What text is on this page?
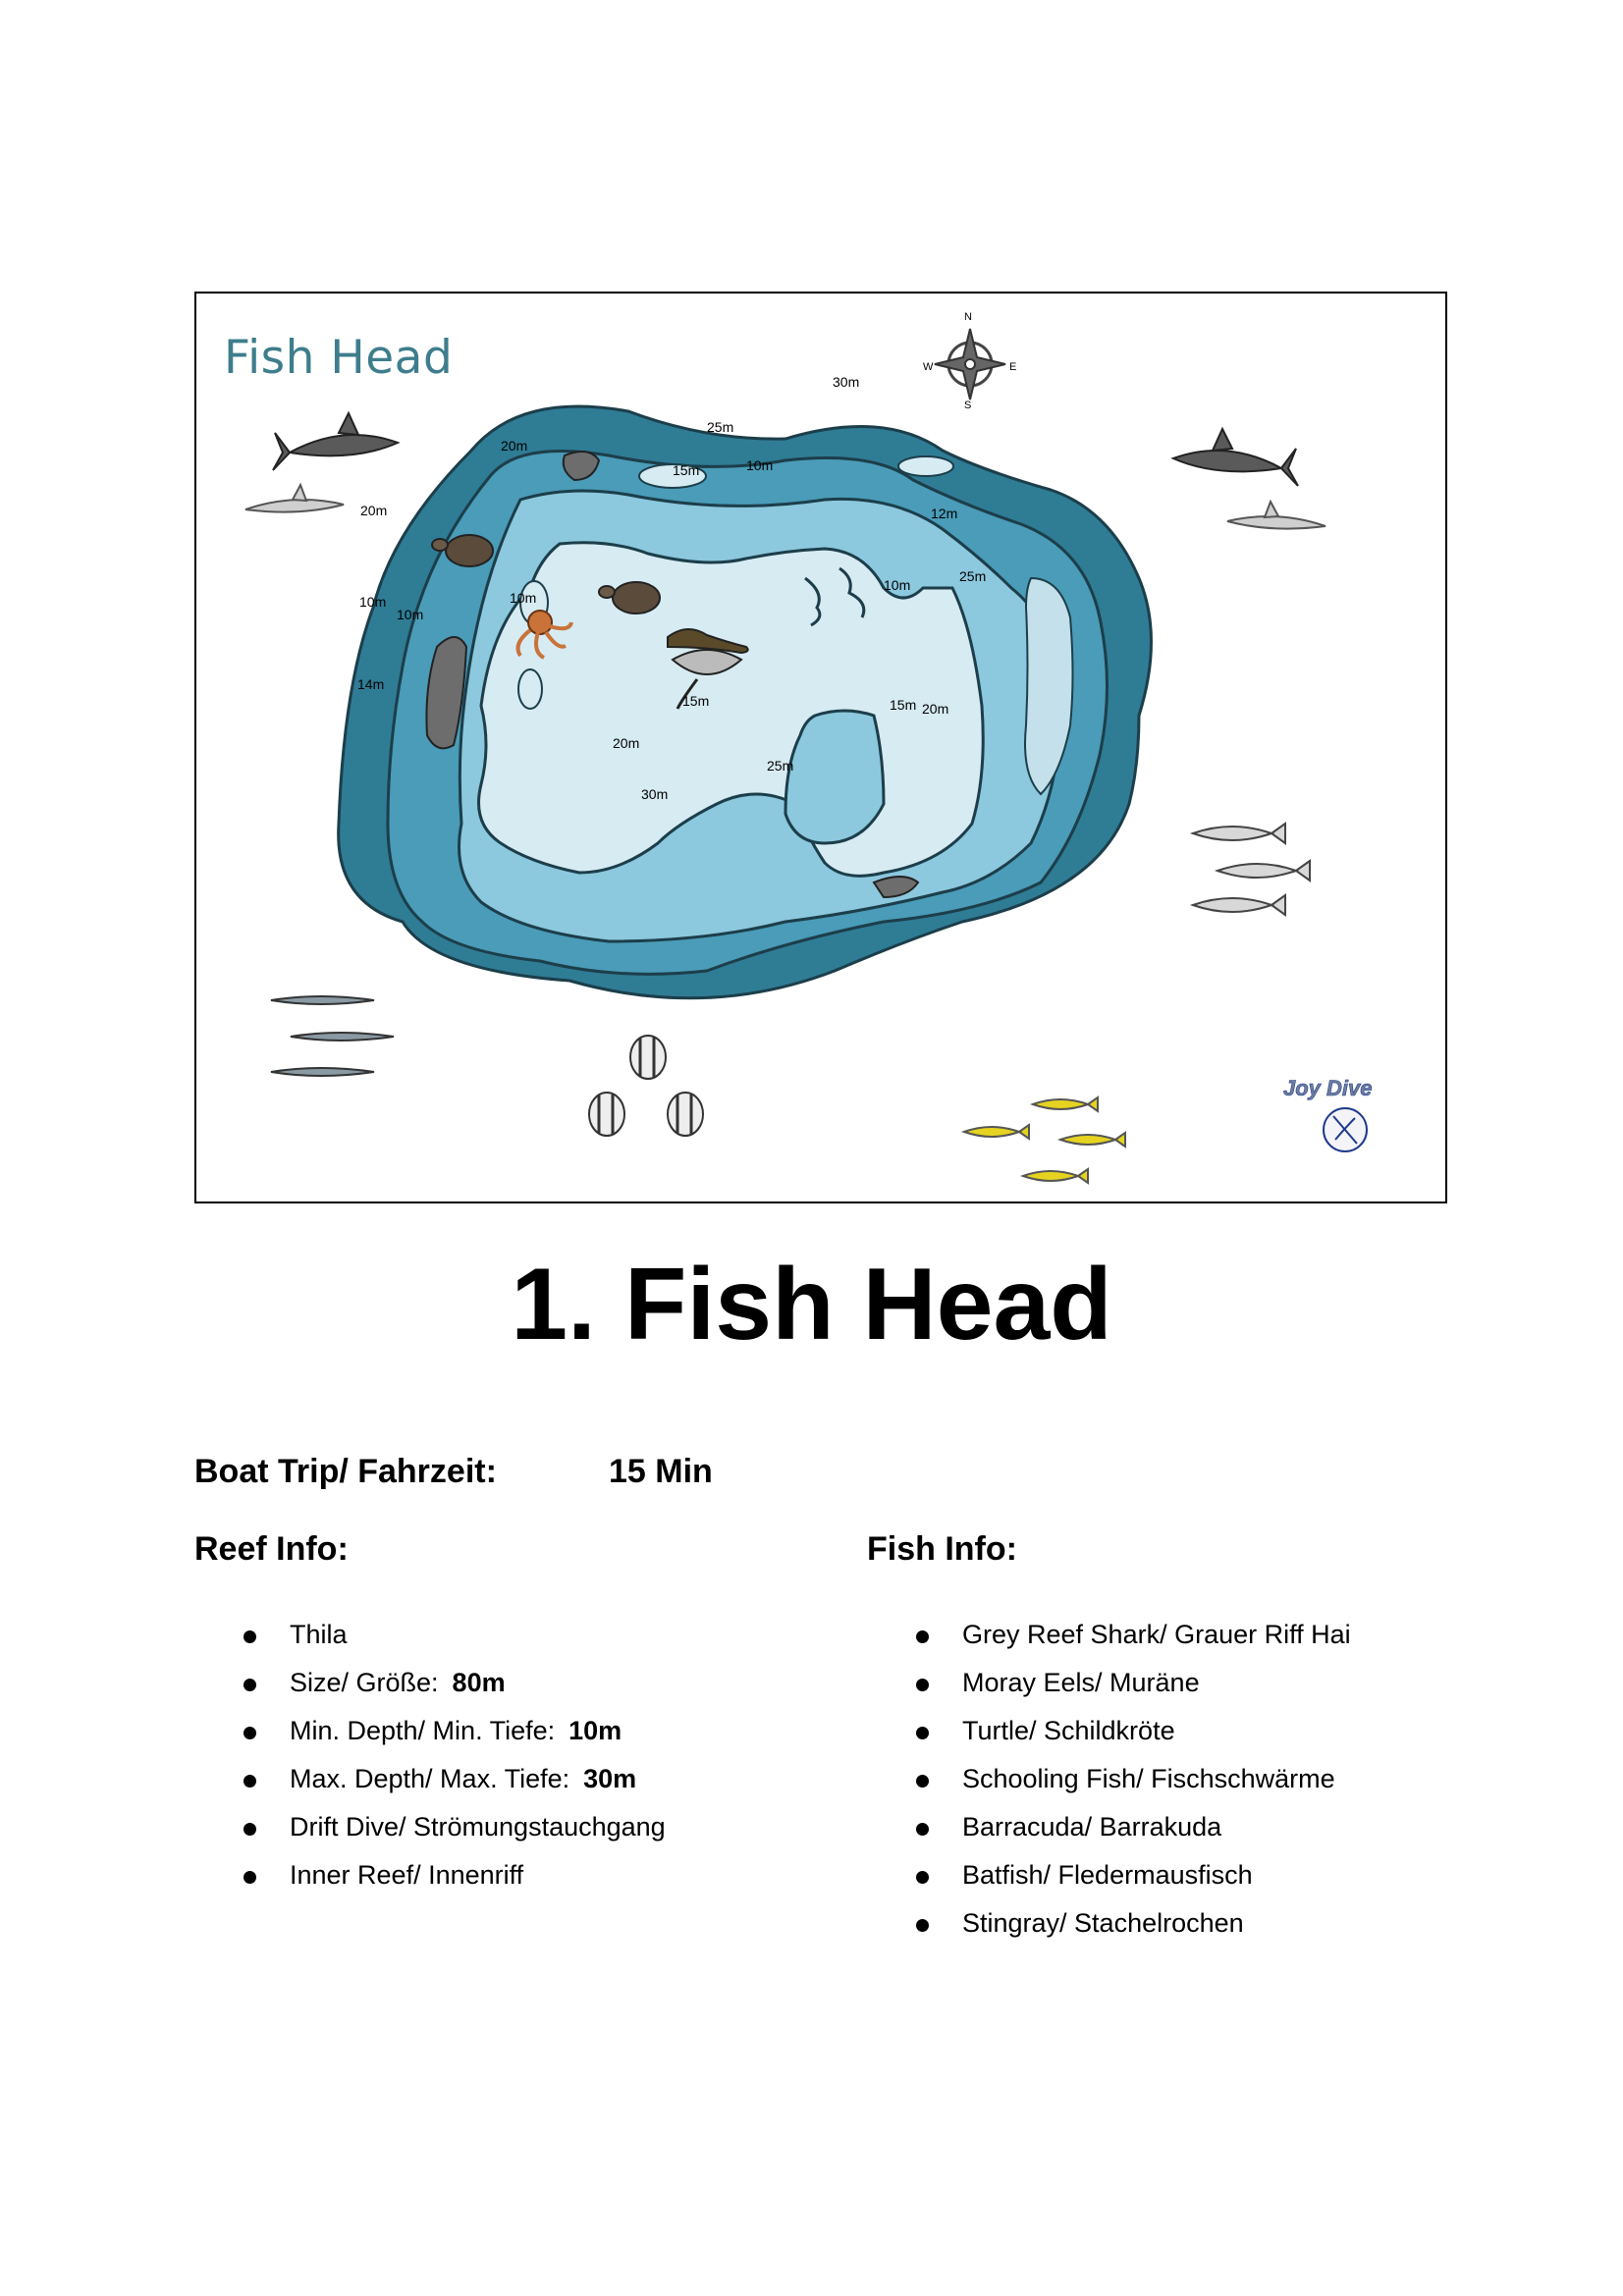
N
S
W	E
Joy Dive
30m
25m
20m
15m	10m
12m
20m
10m
25m
10m
10m
10m
14m
15m	15m 20m
20m
25m
30m
Fish Head
1. Fish Head
Boat Trip/ Fahrzeit:	15 Min
Reef Info:	Fish Info:
Thila
Size/ Größe: 80m
Min. Depth/ Min. Tiefe: 10m
Max. Depth/ Max. Tiefe: 30m
Drift Dive/ Strömungstauchgang
Inner Reef/ Innenriff
Grey Reef Shark/ Grauer Riff Hai
Moray Eels/ Muräne
Turtle/ Schildkröte
Schooling Fish/ Fischschwärme
Barracuda/ Barrakuda
Batfish/ Fledermausfisch
Stingray/ Stachelrochen
